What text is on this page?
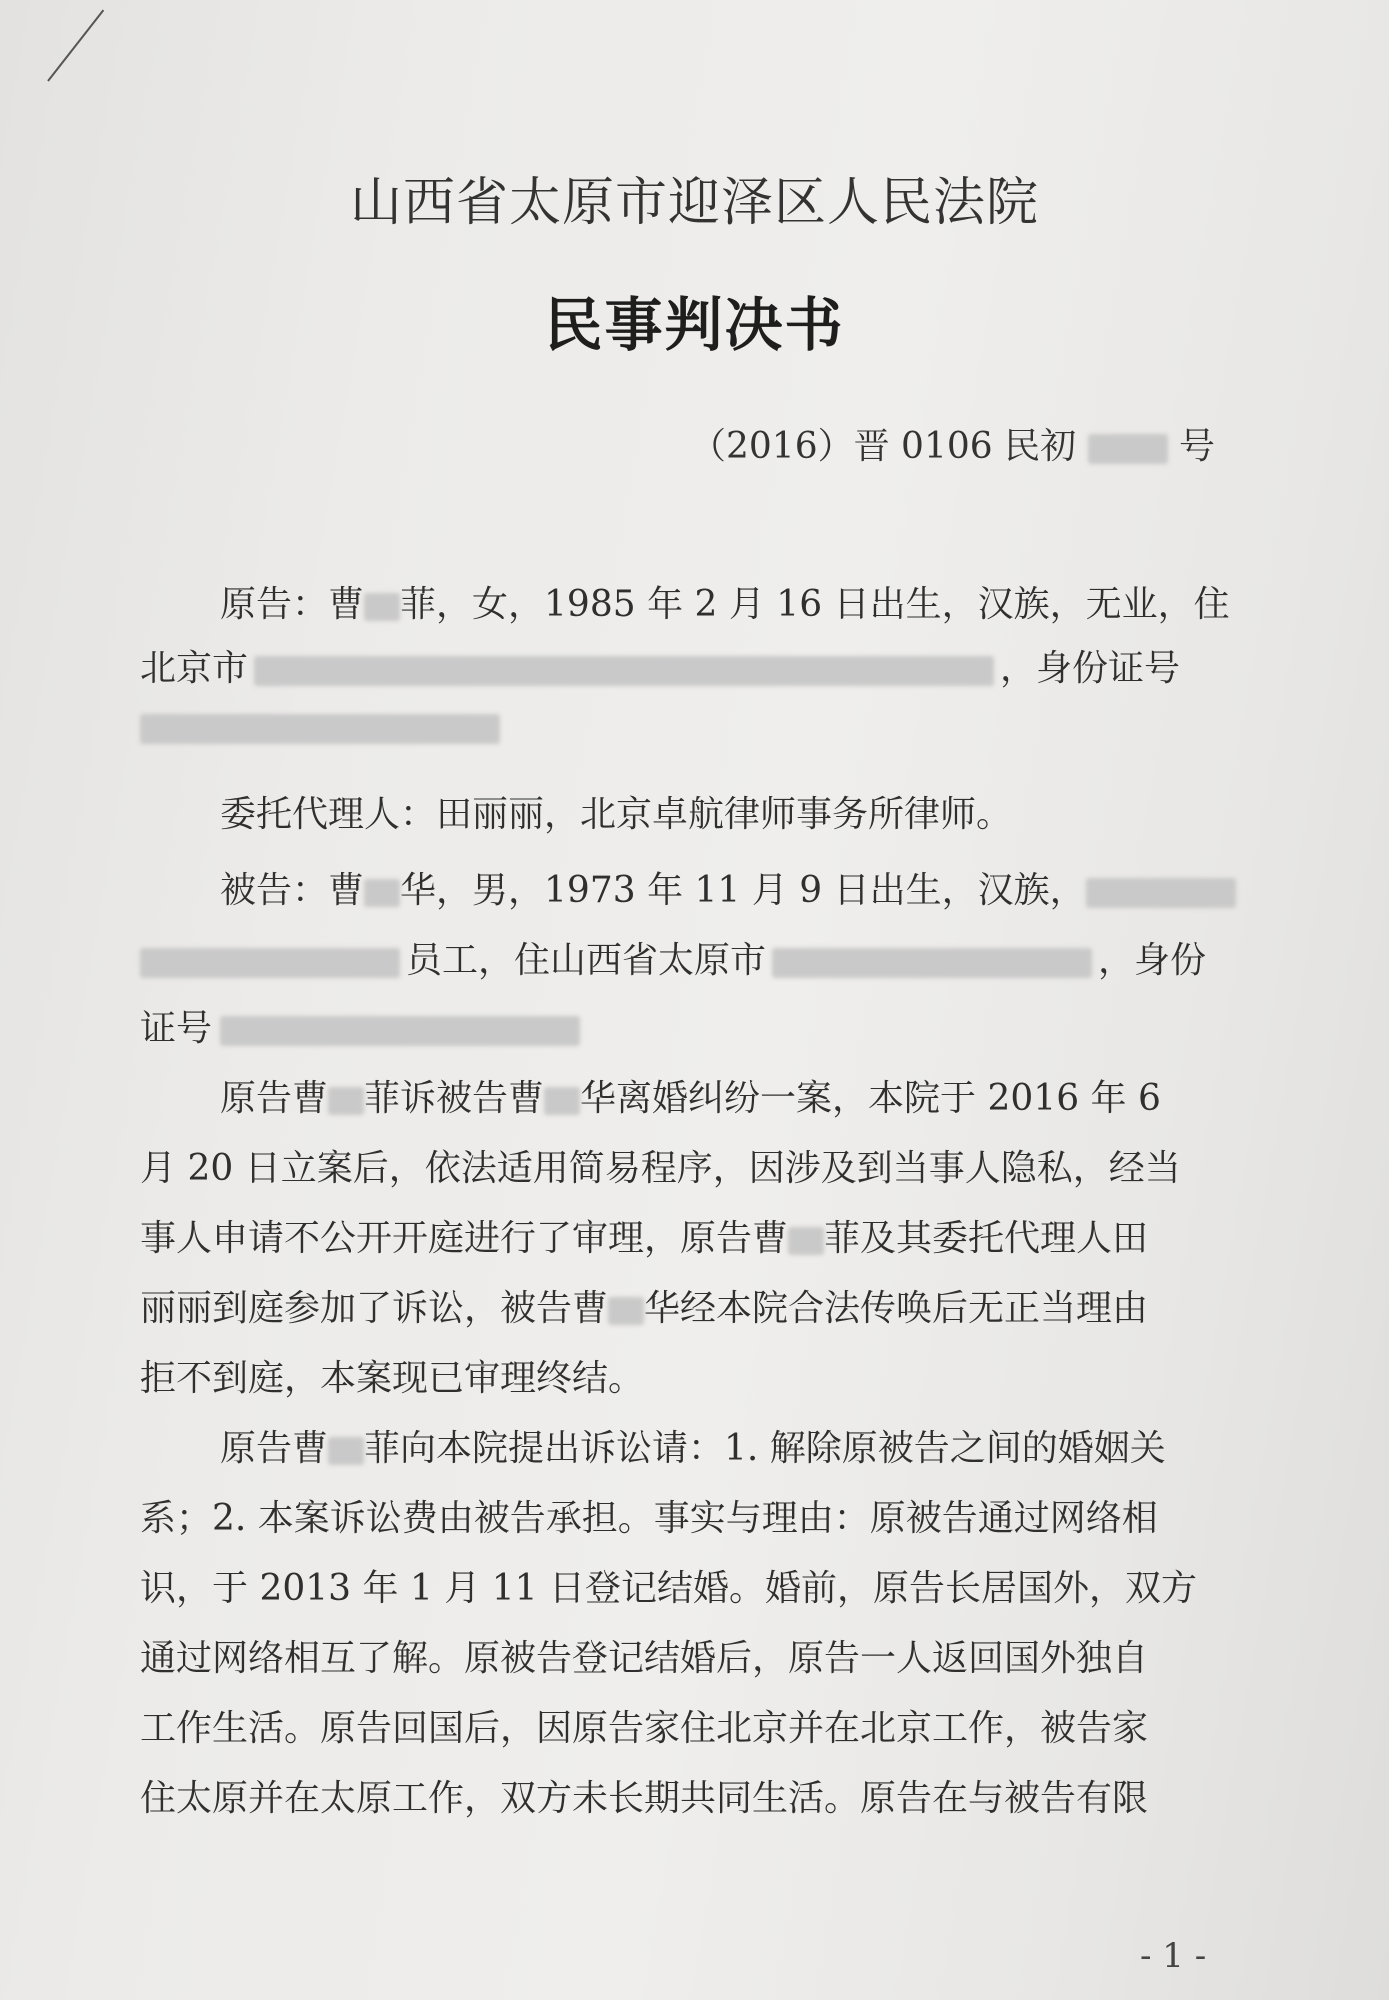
山西省太原市迎泽区人民法院
民事判决书
（2016）晋 0106 民初	号
原告：曹 菲，女，1985 年 2 月 16 日出生，汉族，无业，住
北京市	，身份证号
委托代理人：田丽丽，北京卓航律师事务所律师。
被告：曹 华，男，1973 年 11 月 9 日出生，汉族，
员工，住山西省太原市	，身份
证号
原告曹 菲诉被告曹 华离婚纠纷一案，本院于 2016 年 6
月 20 日立案后，依法适用简易程序，因涉及到当事人隐私，经当
事人申请不公开开庭进行了审理，原告曹 菲及其委托代理人田
丽丽到庭参加了诉讼，被告曹 华经本院合法传唤后无正当理由
拒不到庭，本案现已审理终结。
原告曹 菲向本院提出诉讼请：1. 解除原被告之间的婚姻关
系；2. 本案诉讼费由被告承担。事实与理由：原被告通过网络相
识，于 2013 年 1 月 11 日登记结婚。婚前，原告长居国外，双方
通过网络相互了解。原被告登记结婚后，原告一人返回国外独自
工作生活。原告回国后，因原告家住北京并在北京工作，被告家
住太原并在太原工作，双方未长期共同生活。原告在与被告有限
- 1 -
